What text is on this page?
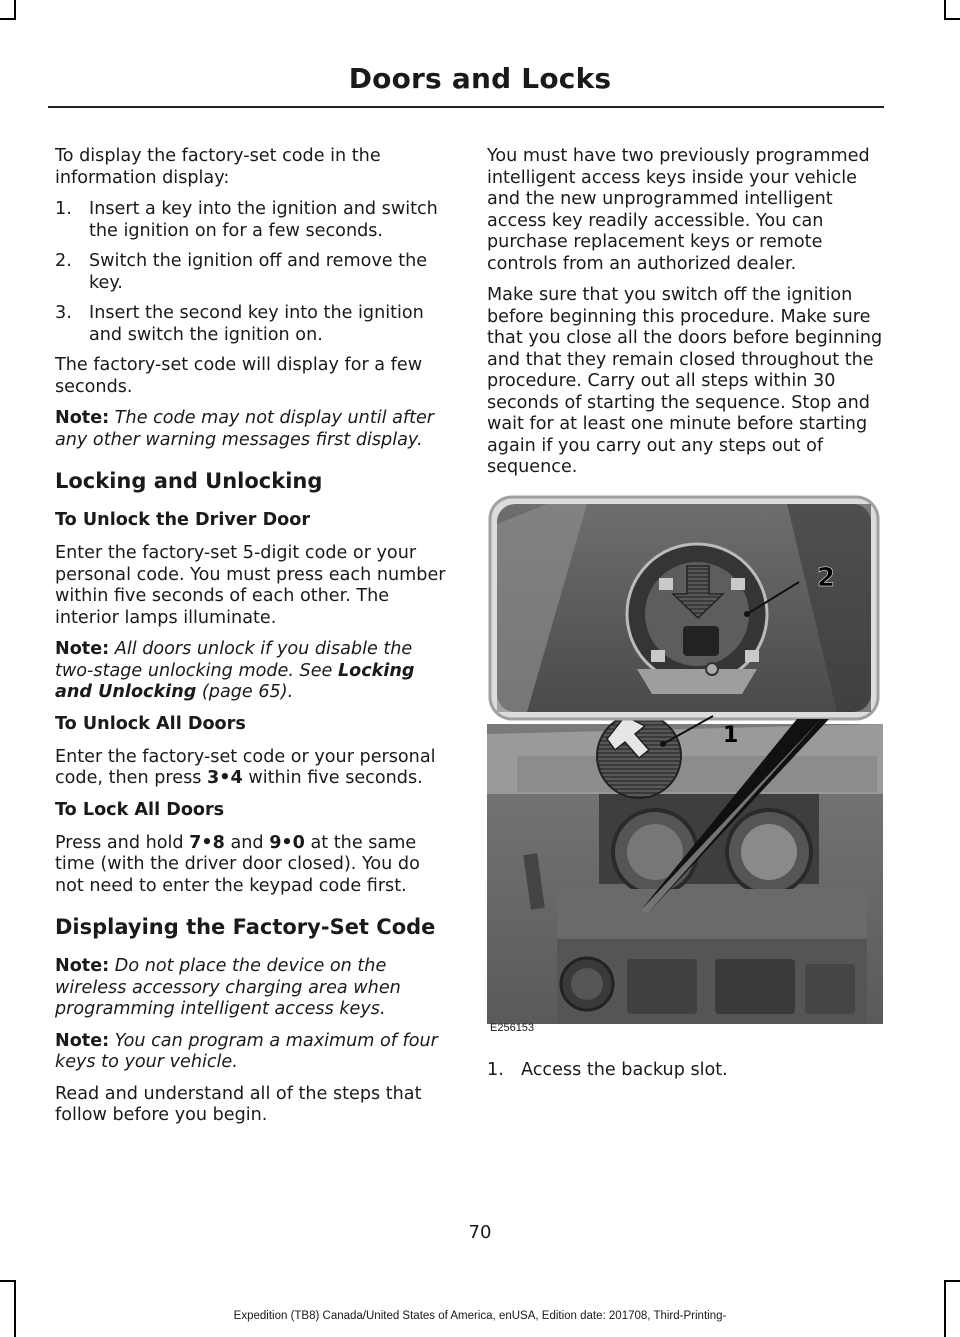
Doors and Locks

To display the factory-set code in the information display:

1. Insert a key into the ignition and switch the ignition on for a few seconds.
2. Switch the ignition off and remove the key.
3. Insert the second key into the ignition and switch the ignition on.

The factory-set code will display for a few seconds.

Note: The code may not display until after any other warning messages first display.

Locking and Unlocking
To Unlock the Driver Door

Enter the factory-set 5-digit code or your personal code. You must press each number within five seconds of each other. The interior lamps illuminate.

Note: All doors unlock if you disable the two-stage unlocking mode. See Locking and Unlocking (page 65).

To Unlock All Doors

Enter the factory-set code or your personal code, then press 3•4 within five seconds.

To Lock All Doors

Press and hold 7•8 and 9•0 at the same time (with the driver door closed). You do not need to enter the keypad code first.

Displaying the Factory-Set Code

Note: Do not place the device on the wireless accessory charging area when programming intelligent access keys.

Note: You can program a maximum of four keys to your vehicle.

Read and understand all of the steps that follow before you begin.

You must have two previously programmed intelligent access keys inside your vehicle and the new unprogrammed intelligent access key readily accessible. You can purchase replacement keys or remote controls from an authorized dealer.

Make sure that you switch off the ignition before beginning this procedure. Make sure that you close all the doors before beginning and that they remain closed throughout the procedure. Carry out all steps within 30 seconds of starting the sequence. Stop and wait for at least one minute before starting again if you carry out any steps out of sequence.

2
1
E256153
1. Access the backup slot.
70
Expedition (TB8) Canada/United States of America, enUSA, Edition date: 201708, Third-Printing-
